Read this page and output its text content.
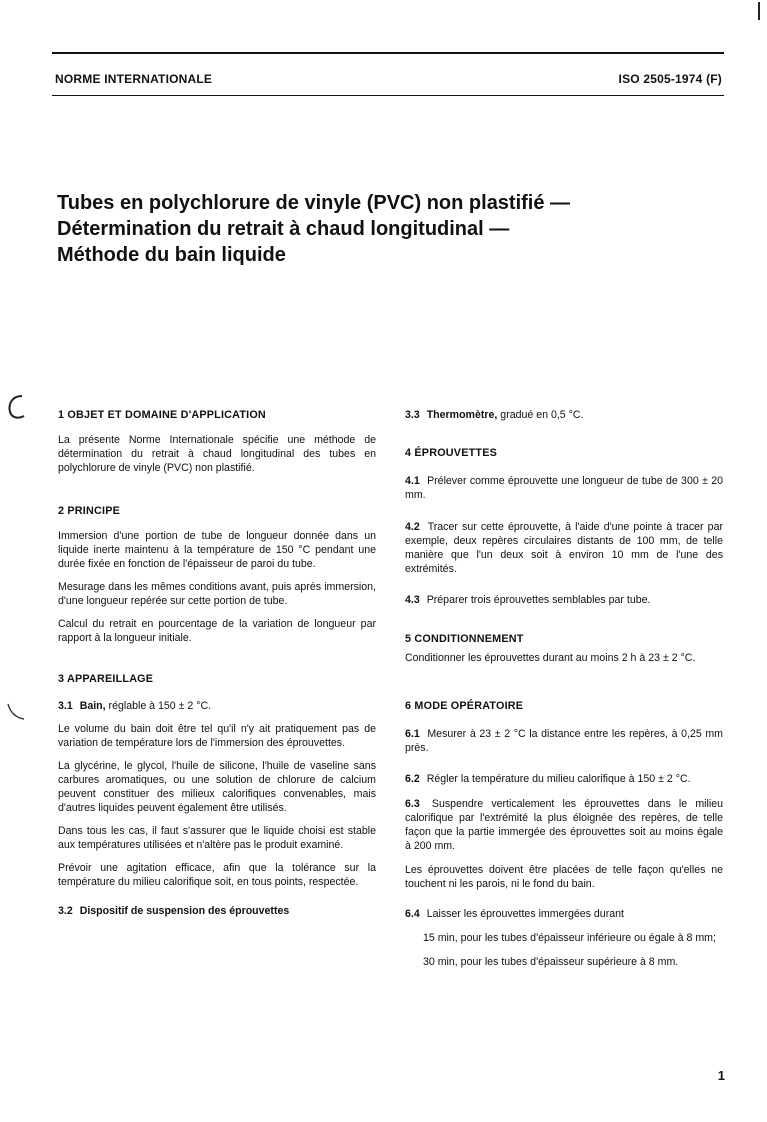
NORME INTERNATIONALE	ISO 2505-1974 (F)
Tubes en polychlorure de vinyle (PVC) non plastifié —
Détermination du retrait à chaud longitudinal —
Méthode du bain liquide
1 OBJET ET DOMAINE D'APPLICATION

La présente Norme Internationale spécifie une méthode de détermination du retrait à chaud longitudinal des tubes en polychlorure de vinyle (PVC) non plastifié.

2 PRINCIPE

Immersion d'une portion de tube de longueur donnée dans un liquide inerte maintenu à la température de 150 °C pendant une durée fixée en fonction de l'épaisseur de paroi du tube.

Mesurage dans les mêmes conditions avant, puis après immersion, d'une longueur repérée sur cette portion de tube.

Calcul du retrait en pourcentage de la variation de longueur par rapport à la longueur initiale.

3 APPAREILLAGE

3.1 Bain, réglable à 150 ± 2 °C.

Le volume du bain doit être tel qu'il n'y ait pratiquement pas de variation de température lors de l'immersion des éprouvettes.

La glycérine, le glycol, l'huile de silicone, l'huile de vaseline sans carbures aromatiques, ou une solution de chlorure de calcium peuvent constituer des milieux calorifiques convenables, mais d'autres liquides peuvent également être utilisés.

Dans tous les cas, il faut s'assurer que le liquide choisi est stable aux températures utilisées et n'altère pas le produit examiné.

Prévoir une agitation efficace, afin que la tolérance sur la température du milieu calorifique soit, en tous points, respectée.

3.2 Dispositif de suspension des éprouvettes

3.3 Thermomètre, gradué en 0,5 °C.

4 ÉPROUVETTES

4.1 Prélever comme éprouvette une longueur de tube de 300 ± 20 mm.

4.2 Tracer sur cette éprouvette, à l'aide d'une pointe à tracer par exemple, deux repères circulaires distants de 100 mm, de telle manière que l'un deux soit à environ 10 mm de l'une des extrémités.

4.3 Préparer trois éprouvettes semblables par tube.

5 CONDITIONNEMENT

Conditionner les éprouvettes durant au moins 2 h à 23 ± 2 °C.

6 MODE OPÉRATOIRE

6.1 Mesurer à 23 ± 2 °C la distance entre les repères, à 0,25 mm près.

6.2 Régler la température du milieu calorifique à 150 ± 2 °C.

6.3 Suspendre verticalement les éprouvettes dans le milieu calorifique par l'extrémité la plus éloignée des repères, de telle façon que la partie immergée des éprouvettes soit au moins égale à 200 mm.

Les éprouvettes doivent être placées de telle façon qu'elles ne touchent ni les parois, ni le fond du bain.

6.4 Laisser les éprouvettes immergées durant

15 min, pour les tubes d'épaisseur inférieure ou égale à 8 mm;

30 min, pour les tubes d'épaisseur supérieure à 8 mm.

1
